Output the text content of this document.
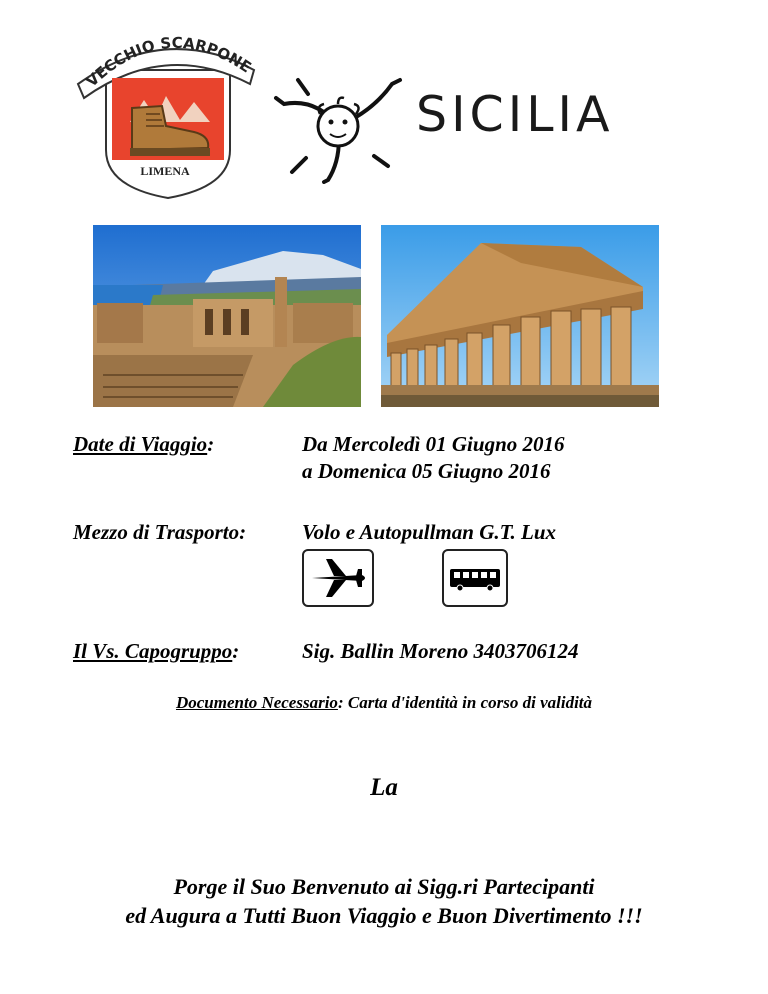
VECCHIO SCARPONE
LIMENA
SICILIA
Date di Viaggio:	Da Mercoledì 01 Giugno 2016
a Domenica 05 Giugno 2016
Mezzo di Trasporto:	Volo e Autopullman G.T. Lux
Il Vs. Capogruppo:	Sig. Ballin Moreno 3403706124
Documento Necessario: Carta d'identità in corso di validità
La
Porge il Suo Benvenuto ai Sigg.ri Partecipanti
ed Augura a Tutti Buon Viaggio e Buon Divertimento !!!
